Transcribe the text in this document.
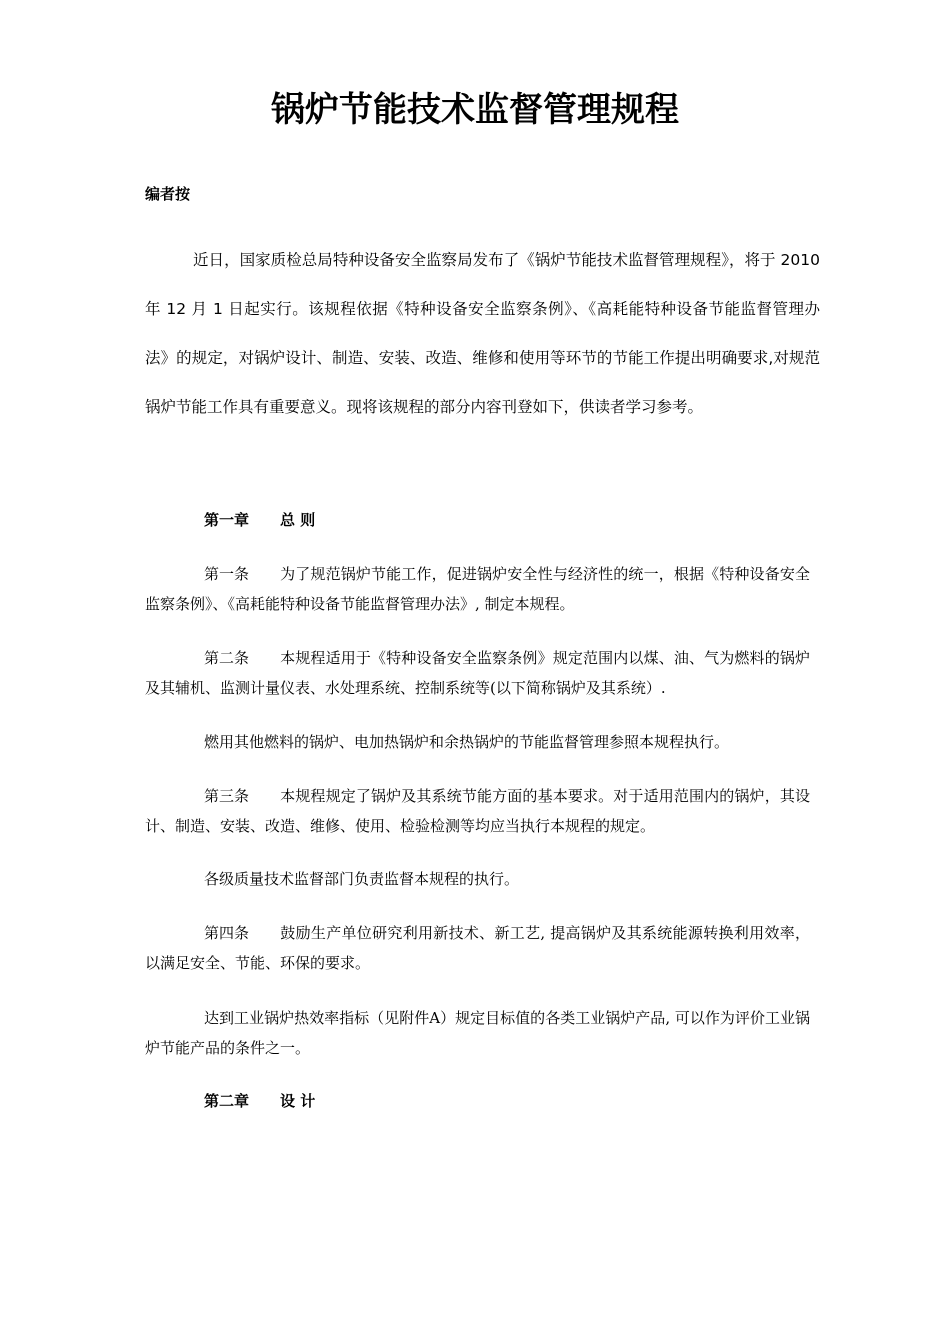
锅炉节能技术监督管理规程
编者按

近日，国家质检总局特种设备安全监察局发布了《锅炉节能技术监督管理规程》，将于 2010 年 12 月 1 日起实行。该规程依据《特种设备安全监察条例》、《高耗能特种设备节能监督管理办法》的规定，对锅炉设计、制造、安装、改造、维修和使用等环节的节能工作提出明确要求,对规范锅炉节能工作具有重要意义。现将该规程的部分内容刊登如下，供读者学习参考。

第一章 总 则

第一条 为了规范锅炉节能工作，促进锅炉安全性与经济性的统一，根据《特种设备安全监察条例》、《高耗能特种设备节能监督管理办法》, 制定本规程。

第二条 本规程适用于《特种设备安全监察条例》规定范围内以煤、油、气为燃料的锅炉及其辅机、监测计量仪表、水处理系统、控制系统等(以下简称锅炉及其系统）.

燃用其他燃料的锅炉、电加热锅炉和余热锅炉的节能监督管理参照本规程执行。

第三条 本规程规定了锅炉及其系统节能方面的基本要求。对于适用范围内的锅炉，其设计、制造、安装、改造、维修、使用、检验检测等均应当执行本规程的规定。

各级质量技术监督部门负责监督本规程的执行。

第四条 鼓励生产单位研究利用新技术、新工艺, 提高锅炉及其系统能源转换利用效率，以满足安全、节能、环保的要求。

达到工业锅炉热效率指标（见附件A）规定目标值的各类工业锅炉产品, 可以作为评价工业锅炉节能产品的条件之一。

第二章 设 计
